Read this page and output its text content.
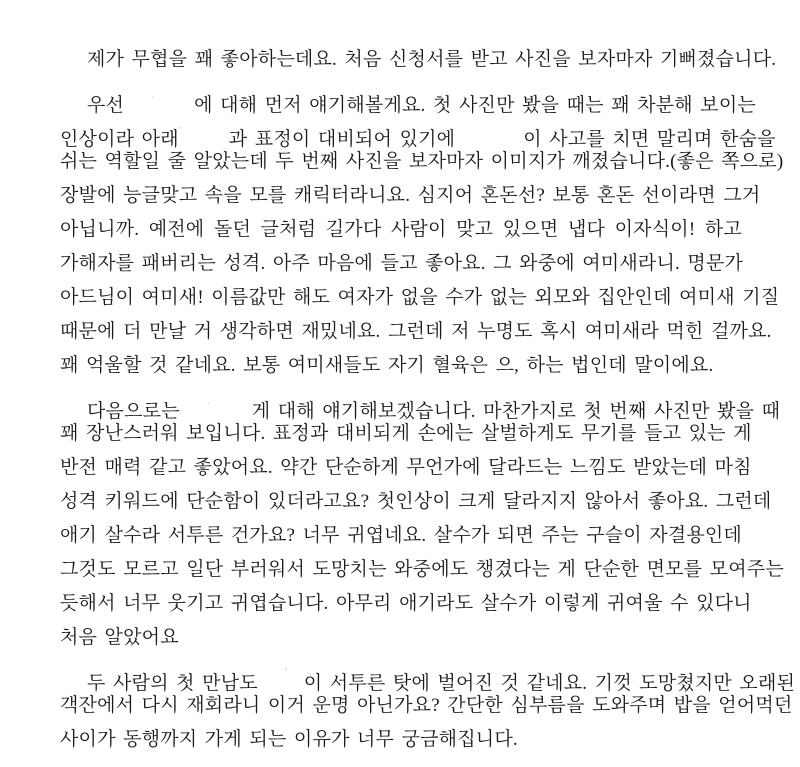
제가 무협을 꽤 좋아하는데요. 처음 신청서를 받고 사진을 보자마자 기뻐졌습니다.
우선.에 대해 먼저 얘기해볼게요. 첫 사진만 봤을 때는 꽤 차분해 보이는
인상이라 아래·과 표정이 대비되어 있기에	이 사고를 치면 말리며 한숨을
쉬는 역할일 줄 알았는데 두 번째 사진을 보자마자 이미지가 깨졌습니다.(좋은 쪽으로)
장발에 능글맞고 속을 모를 캐릭터라니요. 심지어 혼돈선? 보통 혼돈 선이라면 그거
아닙니까. 예전에 돌던 글처럼 길가다 사람이 맞고 있으면 냅다 이자식이! 하고
가해자를 패버리는 성격. 아주 마음에 들고 좋아요. 그 와중에 여미새라니. 명문가
아드님이 여미새! 이름값만 해도 여자가 없을 수가 없는 외모와 집안인데 여미새 기질
때문에 더 만날 거 생각하면 재밌네요. 그런데 저 누명도 혹시 여미새라 먹힌 걸까요.
꽤 억울할 것 같네요. 보통 여미새들도 자기 혈육은 으, 하는 법인데 말이에요.
다음으로는.게 대해 얘기해보겠습니다. 마찬가지로 첫 번째 사진만 봤을 때
꽤 장난스러워 보입니다. 표정과 대비되게 손에는 살벌하게도 무기를 들고 있는 게
반전 매력 같고 좋았어요. 약간 단순하게 무언가에 달라드는 느낌도 받았는데 마침
성격 키워드에 단순함이 있더라고요? 첫인상이 크게 달라지지 않아서 좋아요. 그런데
애기 살수라 서투른 건가요? 너무 귀엽네요. 살수가 되면 주는 구슬이 자결용인데
그것도 모르고 일단 부러워서 도망치는 와중에도 챙겼다는 게 단순한 면모를 모여주는
듯해서 너무 웃기고 귀엽습니다. 아무리 애기라도 살수가 이렇게 귀여울 수 있다니
처음 알았어요
두 사람의 첫 만남도'이 서투른 탓에 벌어진 것 같네요. 기껏 도망쳤지만 오래된
객잔에서 다시 재회라니 이거 운명 아닌가요? 간단한 심부름을 도와주며 밥을 얻어먹던
사이가 동행까지 가게 되는 이유가 너무 궁금해집니다.
